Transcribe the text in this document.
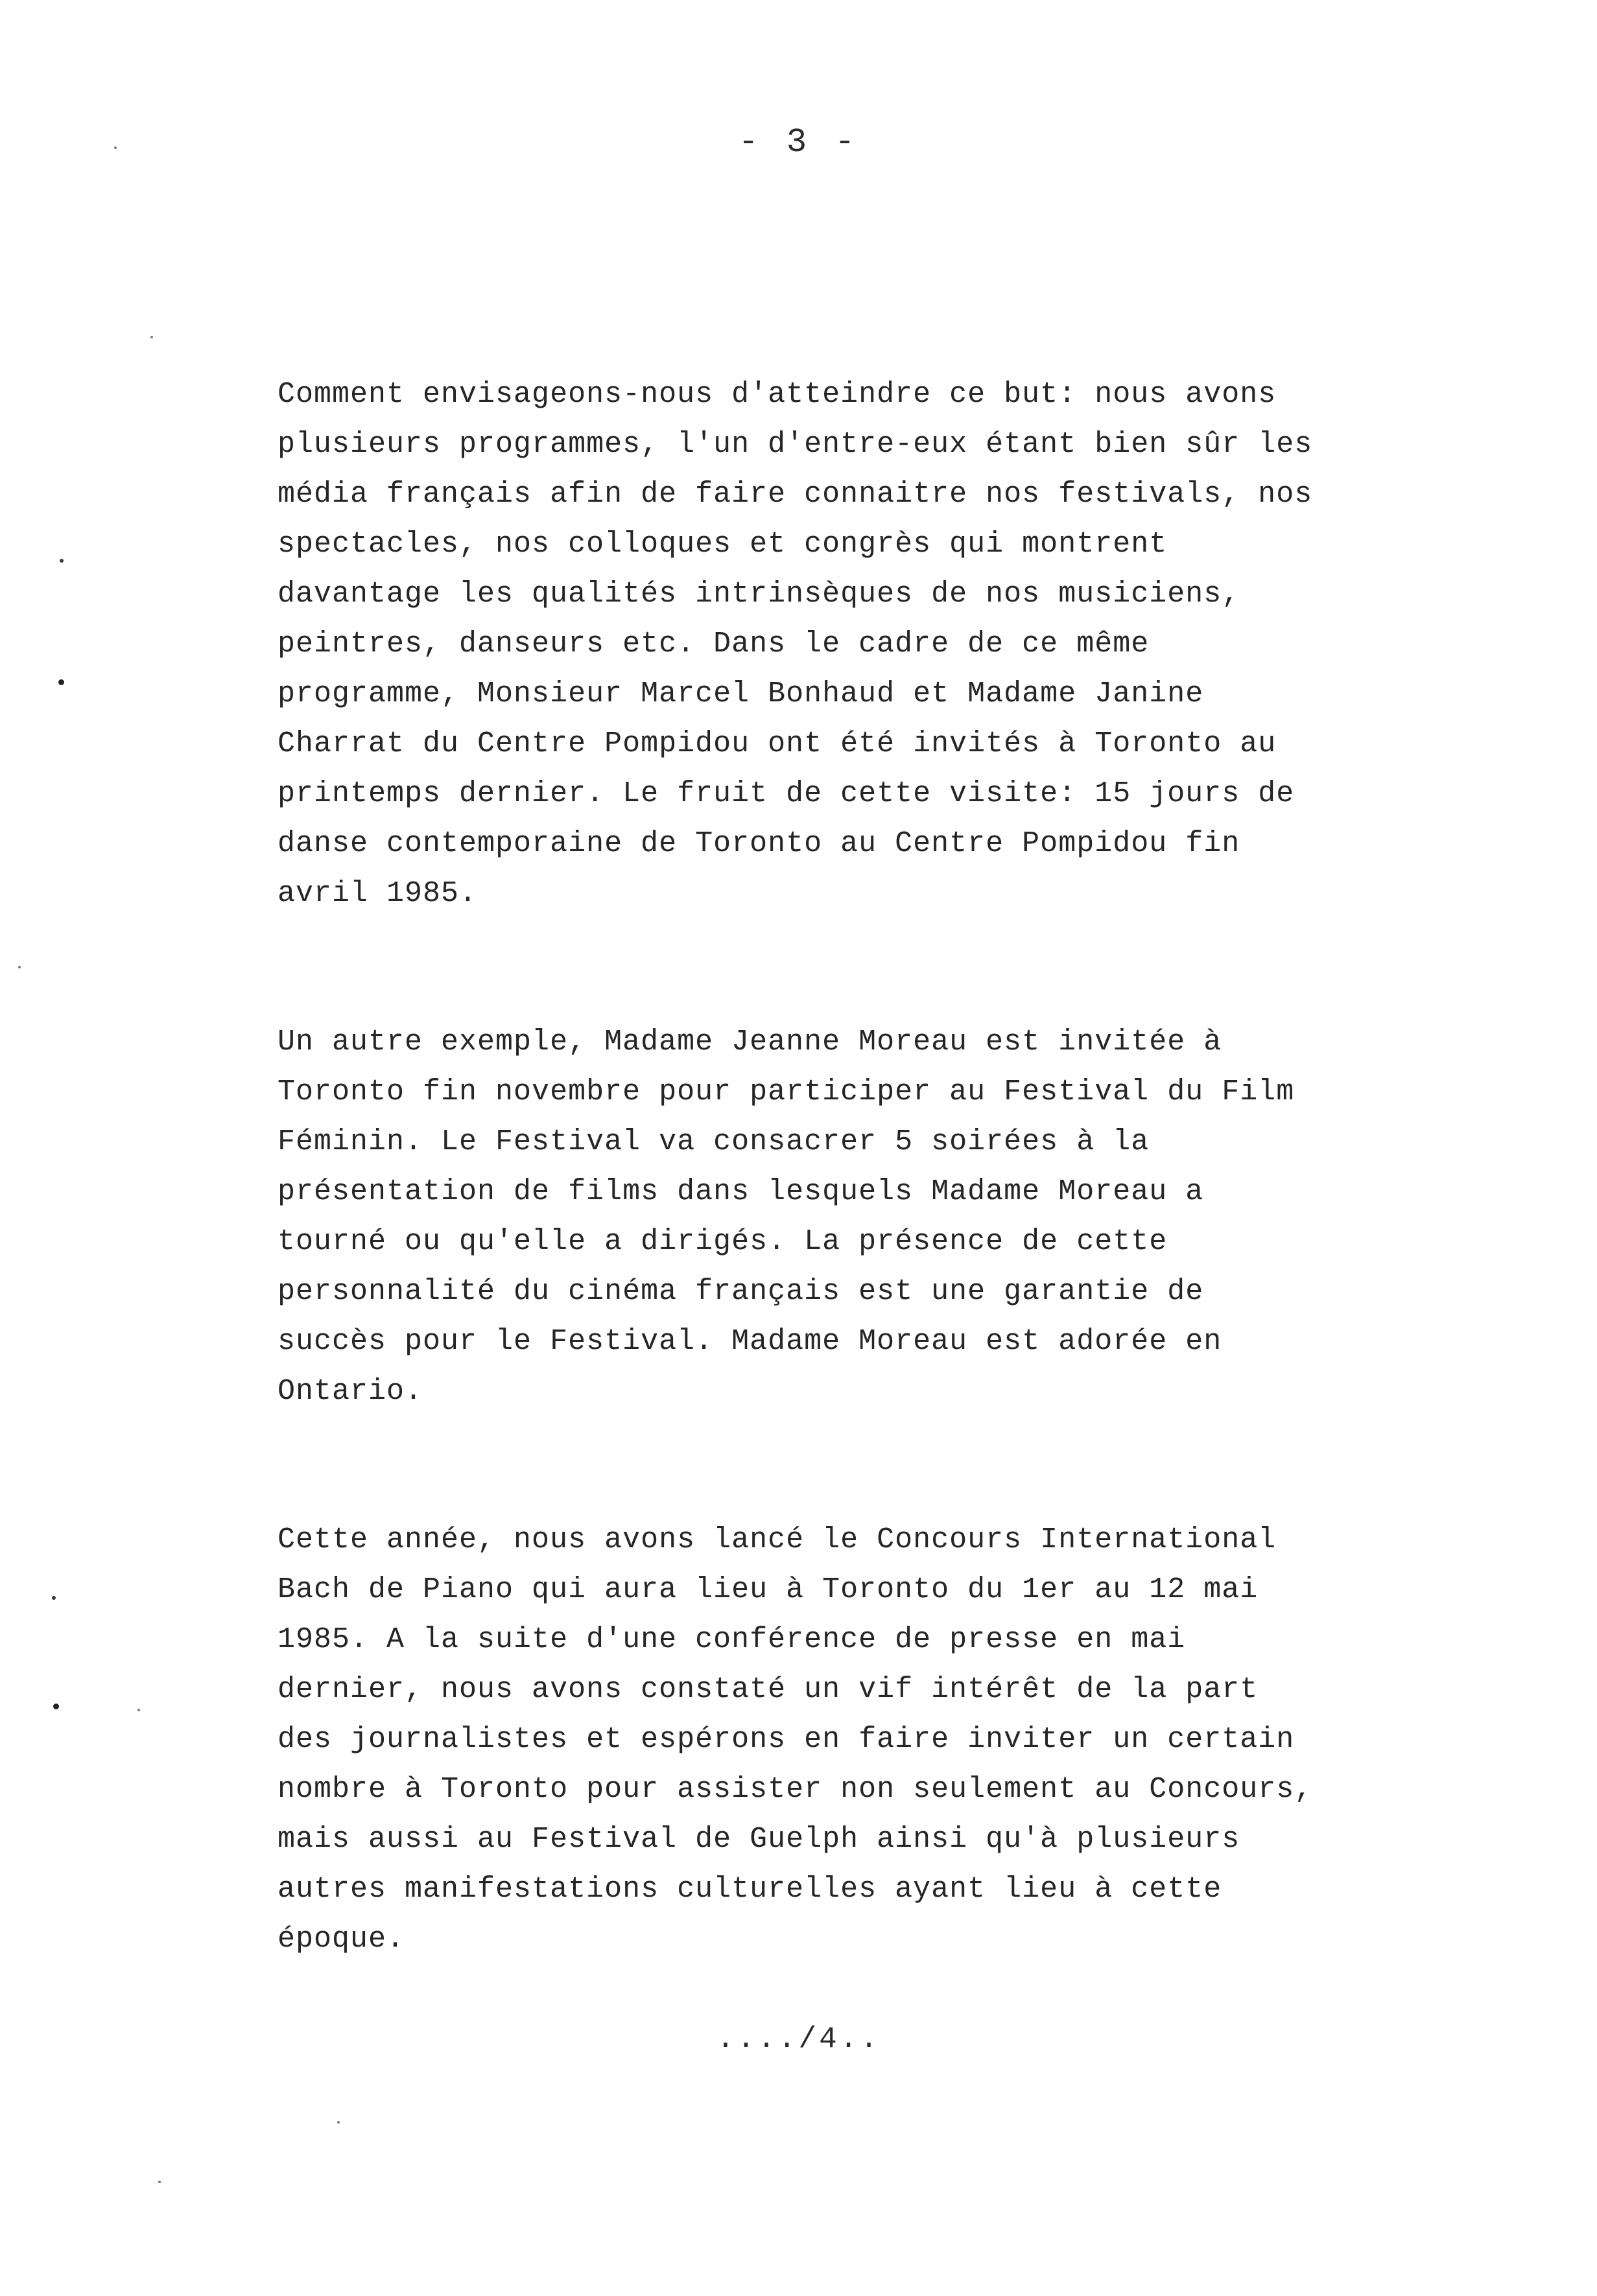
- 3 -
Comment envisageons-nous d'atteindre ce but: nous avons
plusieurs programmes, l'un d'entre-eux étant bien sûr les
média français afin de faire connaitre nos festivals, nos
spectacles, nos colloques et congrès qui montrent
davantage les qualités intrinsèques de nos musiciens,
peintres, danseurs etc. Dans le cadre de ce même
programme, Monsieur Marcel Bonhaud et Madame Janine
Charrat du Centre Pompidou ont été invités à Toronto au
printemps dernier. Le fruit de cette visite: 15 jours de
danse contemporaine de Toronto au Centre Pompidou fin
avril 1985.
Un autre exemple, Madame Jeanne Moreau est invitée à
Toronto fin novembre pour participer au Festival du Film
Féminin. Le Festival va consacrer 5 soirées à la
présentation de films dans lesquels Madame Moreau a
tourné ou qu'elle a dirigés. La présence de cette
personnalité du cinéma français est une garantie de
succès pour le Festival. Madame Moreau est adorée en
Ontario.
Cette année, nous avons lancé le Concours International
Bach de Piano qui aura lieu à Toronto du 1er au 12 mai
1985. A la suite d'une conférence de presse en mai
dernier, nous avons constaté un vif intérêt de la part
des journalistes et espérons en faire inviter un certain
nombre à Toronto pour assister non seulement au Concours,
mais aussi au Festival de Guelph ainsi qu'à plusieurs
autres manifestations culturelles ayant lieu à cette
époque.
..../4..
